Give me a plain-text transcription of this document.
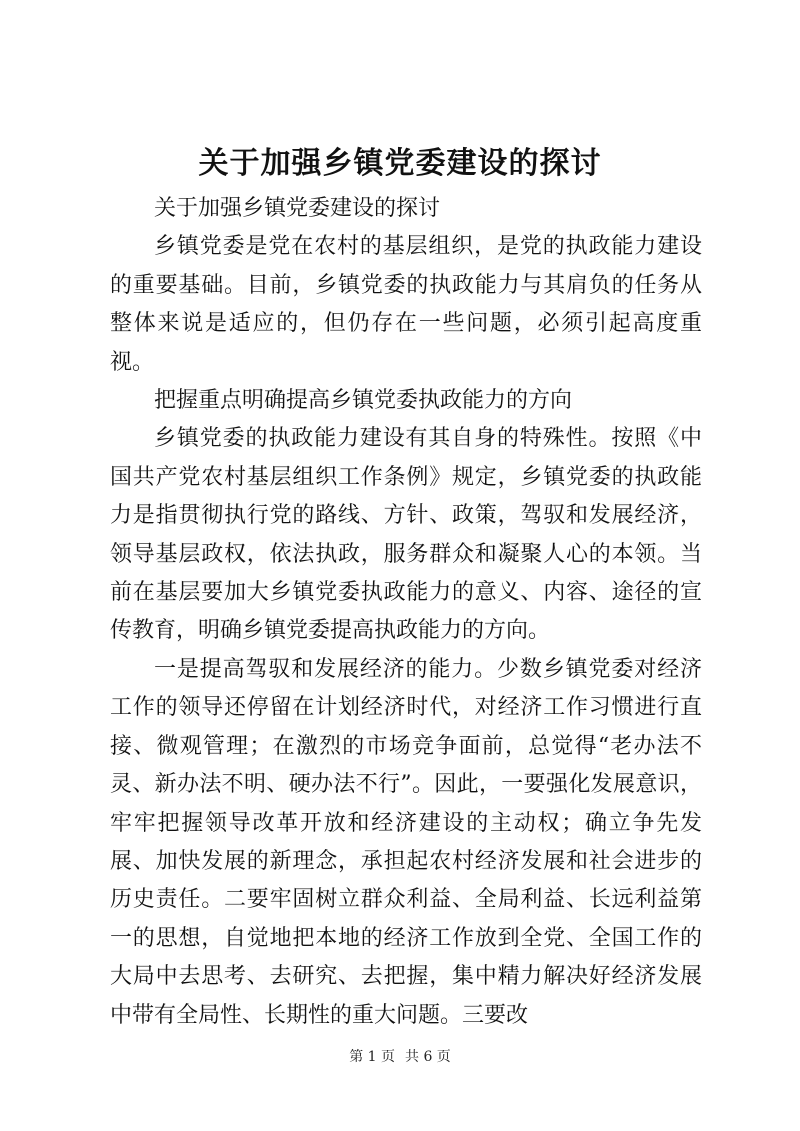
关于加强乡镇党委建设的探讨

关于加强乡镇党委建设的探讨

乡镇党委是党在农村的基层组织，是党的执政能力建设的重要基础。目前，乡镇党委的执政能力与其肩负的任务从整体来说是适应的，但仍存在一些问题，必须引起高度重视。

把握重点明确提高乡镇党委执政能力的方向

乡镇党委的执政能力建设有其自身的特殊性。按照《中国共产党农村基层组织工作条例》规定，乡镇党委的执政能力是指贯彻执行党的路线、方针、政策，驾驭和发展经济，领导基层政权，依法执政，服务群众和凝聚人心的本领。当前在基层要加大乡镇党委执政能力的意义、内容、途径的宣传教育，明确乡镇党委提高执政能力的方向。

一是提高驾驭和发展经济的能力。少数乡镇党委对经济工作的领导还停留在计划经济时代，对经济工作习惯进行直接、微观管理；在激烈的市场竞争面前，总觉得“老办法不灵、新办法不明、硬办法不行”。因此，一要强化发展意识，牢牢把握领导改革开放和经济建设的主动权；确立争先发展、加快发展的新理念，承担起农村经济发展和社会进步的历史责任。二要牢固树立群众利益、全局利益、长远利益第一的思想，自觉地把本地的经济工作放到全党、全国工作的大局中去思考、去研究、去把握，集中精力解决好经济发展中带有全局性、长期性的重大问题。三要改

第 1 页 共 6 页
